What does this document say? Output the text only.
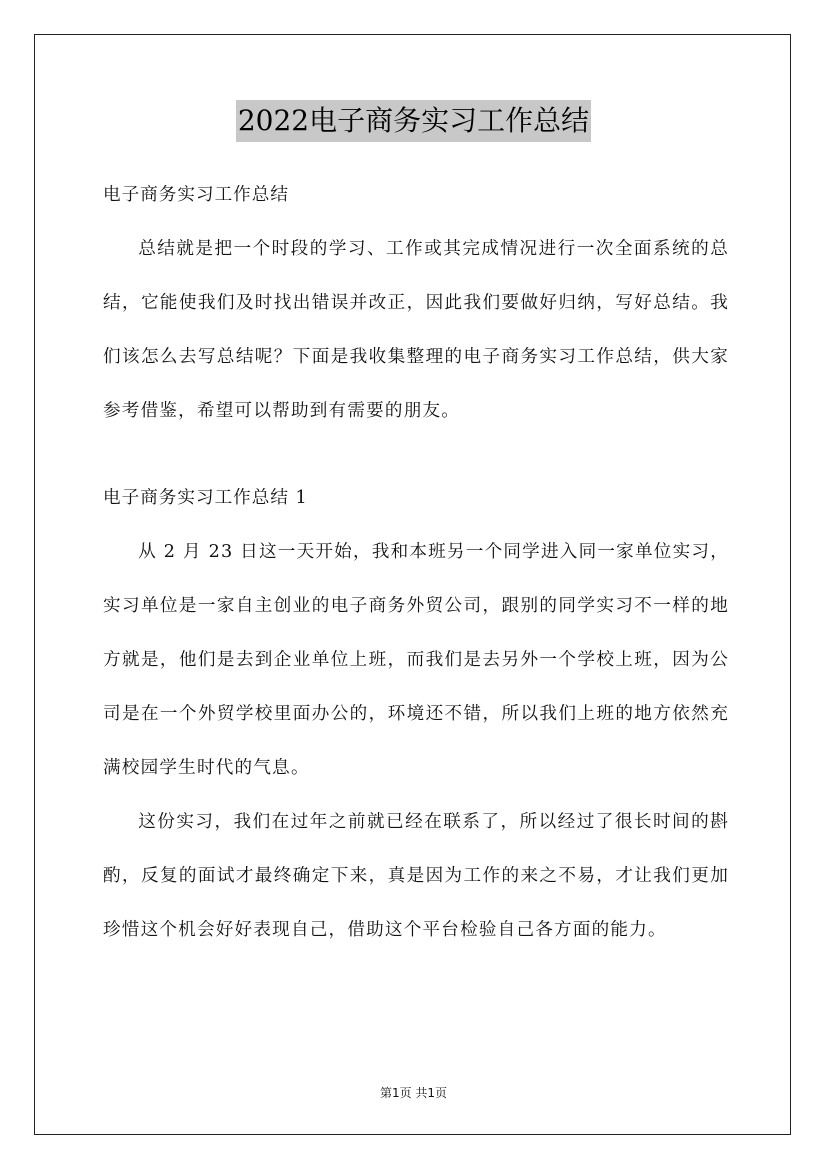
2022电子商务实习工作总结

电子商务实习工作总结

总结就是把一个时段的学习、工作或其完成情况进行一次全面系统的总结，它能使我们及时找出错误并改正，因此我们要做好归纳，写好总结。我们该怎么去写总结呢？下面是我收集整理的电子商务实习工作总结，供大家参考借鉴，希望可以帮助到有需要的朋友。

电子商务实习工作总结 1

从 2 月 23 日这一天开始，我和本班另一个同学进入同一家单位实习，实习单位是一家自主创业的电子商务外贸公司，跟别的同学实习不一样的地方就是，他们是去到企业单位上班，而我们是去另外一个学校上班，因为公司是在一个外贸学校里面办公的，环境还不错，所以我们上班的地方依然充满校园学生时代的气息。

这份实习，我们在过年之前就已经在联系了，所以经过了很长时间的斟酌，反复的面试才最终确定下来，真是因为工作的来之不易，才让我们更加珍惜这个机会好好表现自己，借助这个平台检验自己各方面的能力。

第1页 共1页
